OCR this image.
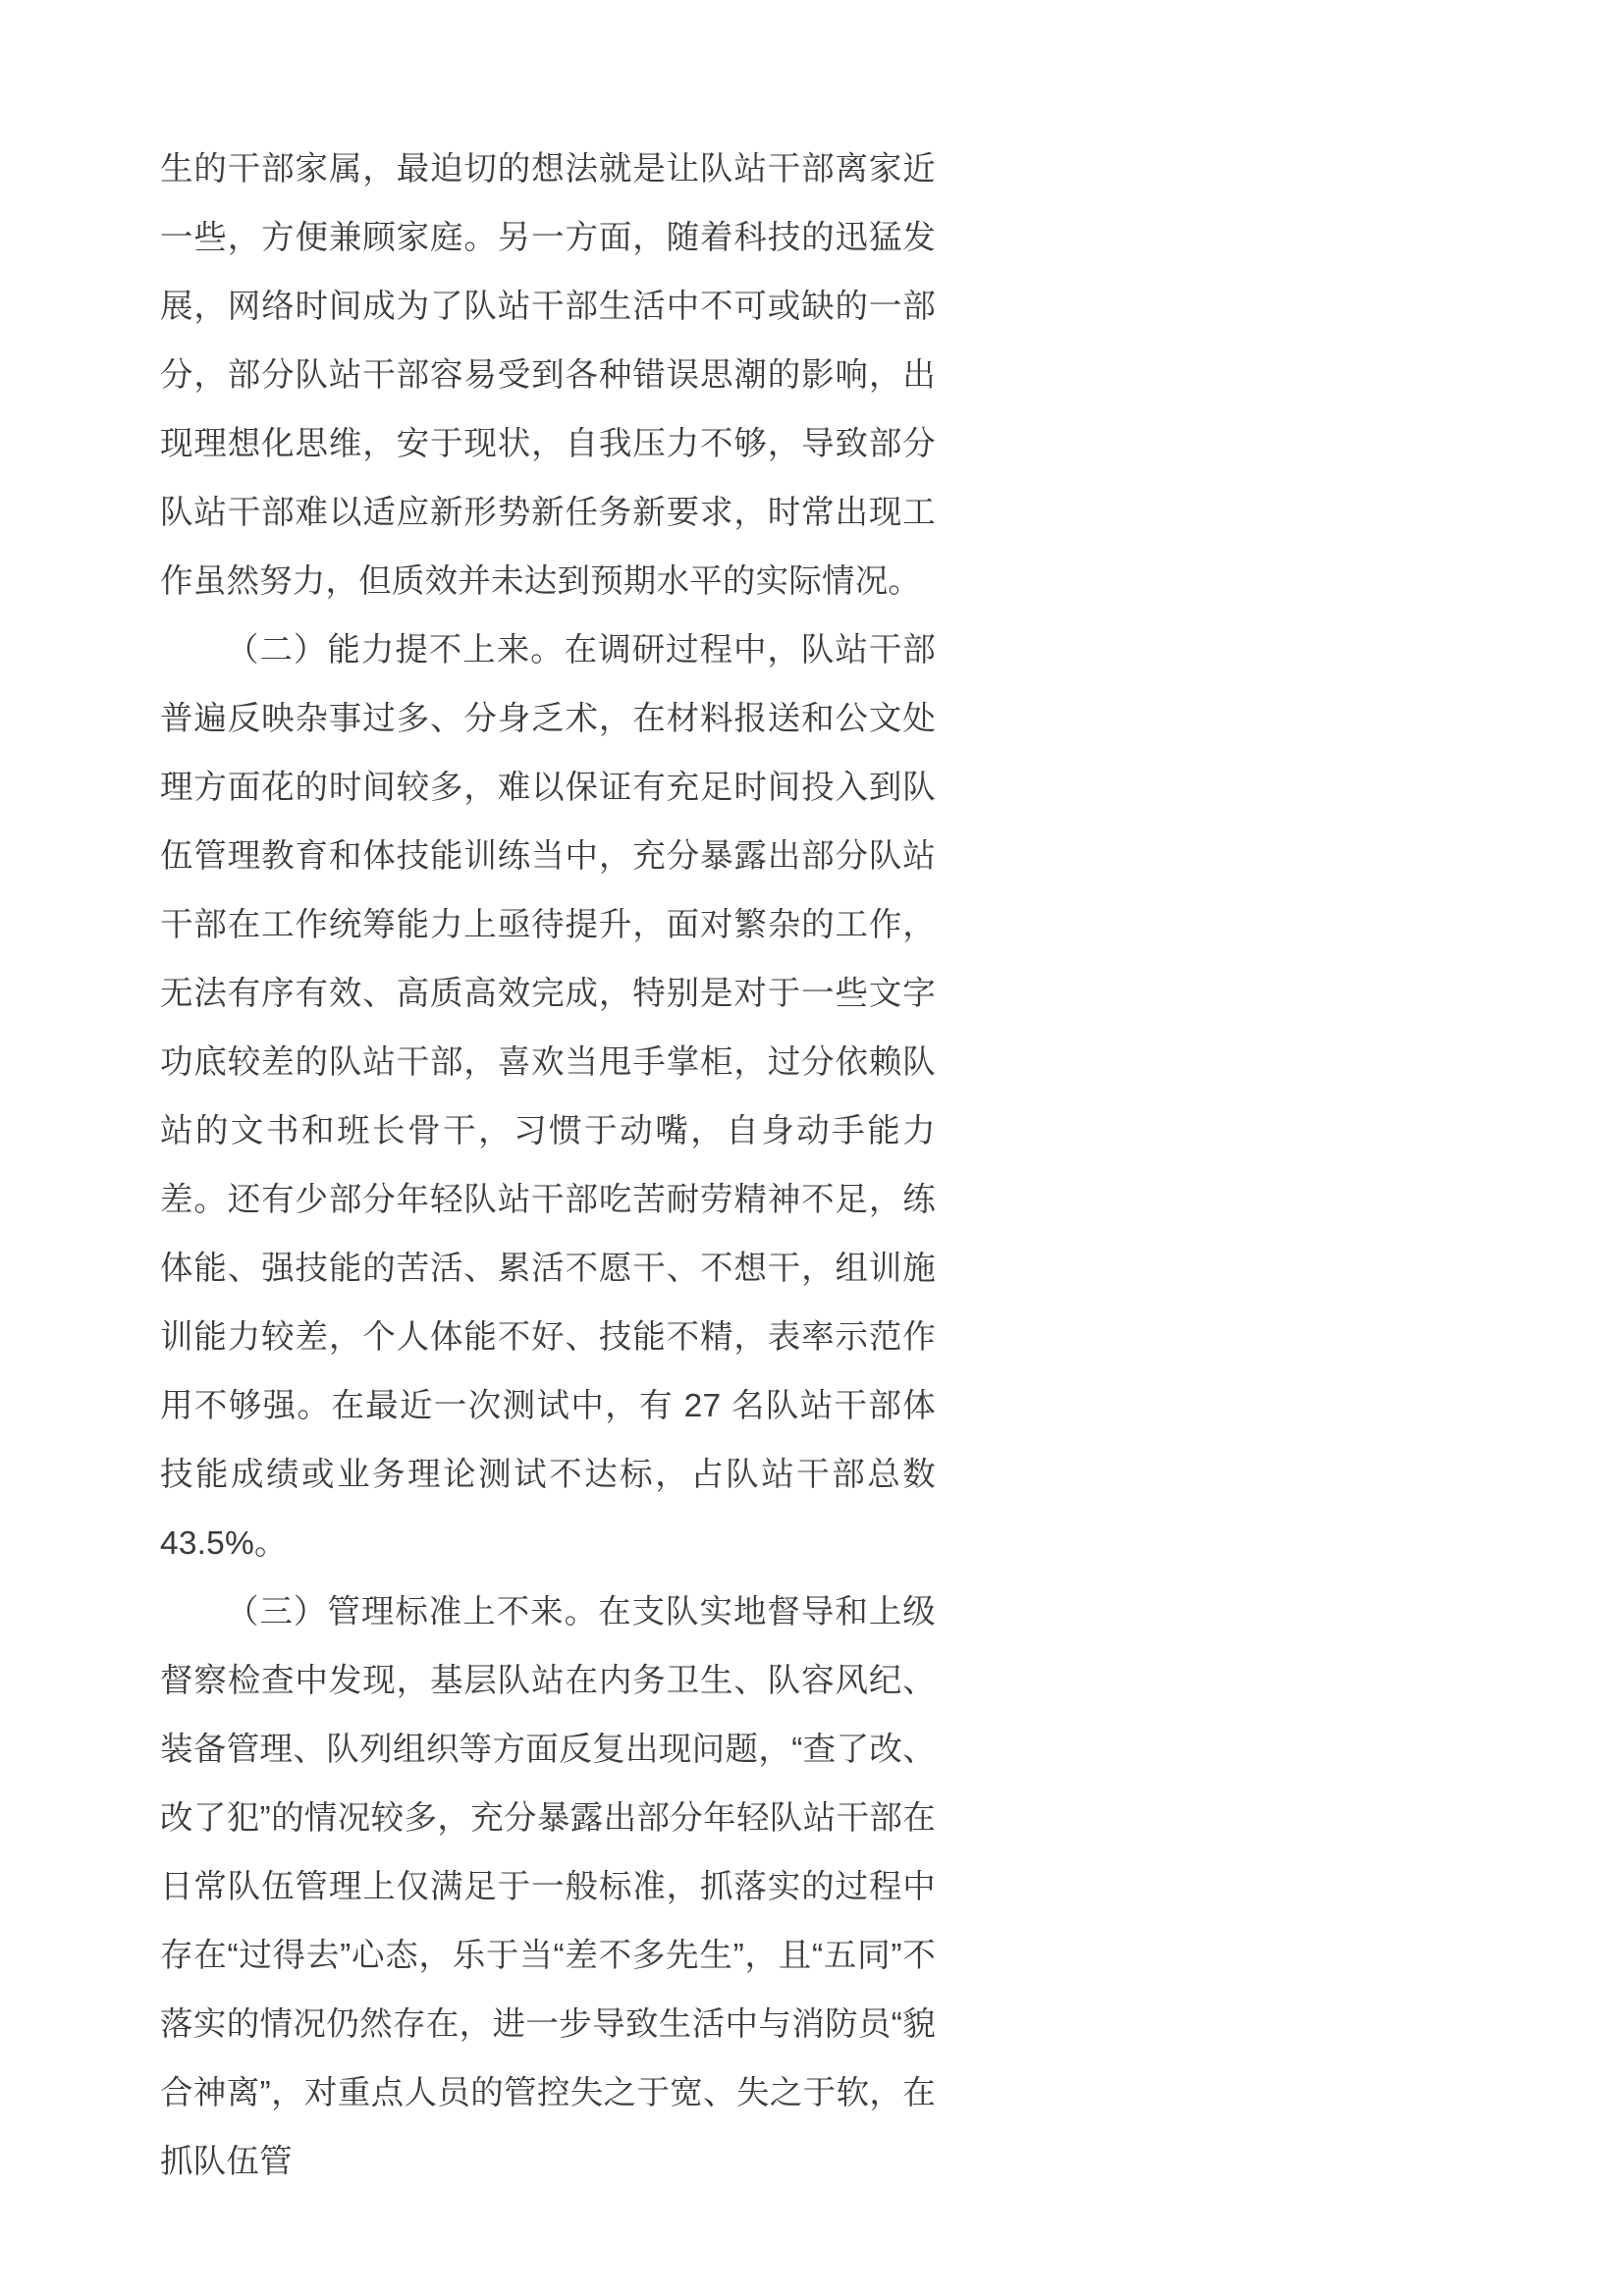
生的干部家属，最迫切的想法就是让队站干部离家近一些，方便兼顾家庭。另一方面，随着科技的迅猛发展，网络时间成为了队站干部生活中不可或缺的一部分，部分队站干部容易受到各种错误思潮的影响，出现理想化思维，安于现状，自我压力不够，导致部分队站干部难以适应新形势新任务新要求，时常出现工作虽然努力，但质效并未达到预期水平的实际情况。

（二）能力提不上来。在调研过程中，队站干部普遍反映杂事过多、分身乏术，在材料报送和公文处理方面花的时间较多，难以保证有充足时间投入到队伍管理教育和体技能训练当中，充分暴露出部分队站干部在工作统筹能力上亟待提升，面对繁杂的工作，无法有序有效、高质高效完成，特别是对于一些文字功底较差的队站干部，喜欢当甩手掌柜，过分依赖队站的文书和班长骨干，习惯于动嘴，自身动手能力差。还有少部分年轻队站干部吃苦耐劳精神不足，练体能、强技能的苦活、累活不愿干、不想干，组训施训能力较差，个人体能不好、技能不精，表率示范作用不够强。在最近一次测试中，有 27 名队站干部体技能成绩或业务理论测试不达标，占队站干部总数 43.5%。

（三）管理标准上不来。在支队实地督导和上级督察检查中发现，基层队站在内务卫生、队容风纪、装备管理、队列组织等方面反复出现问题，“查了改、改了犯”的情况较多，充分暴露出部分年轻队站干部在日常队伍管理上仅满足于一般标准，抓落实的过程中存在“过得去”心态，乐于当“差不多先生”，且“五同”不落实的情况仍然存在，进一步导致生活中与消防员“貌合神离”，对重点人员的管控失之于宽、失之于软，在抓队伍管
